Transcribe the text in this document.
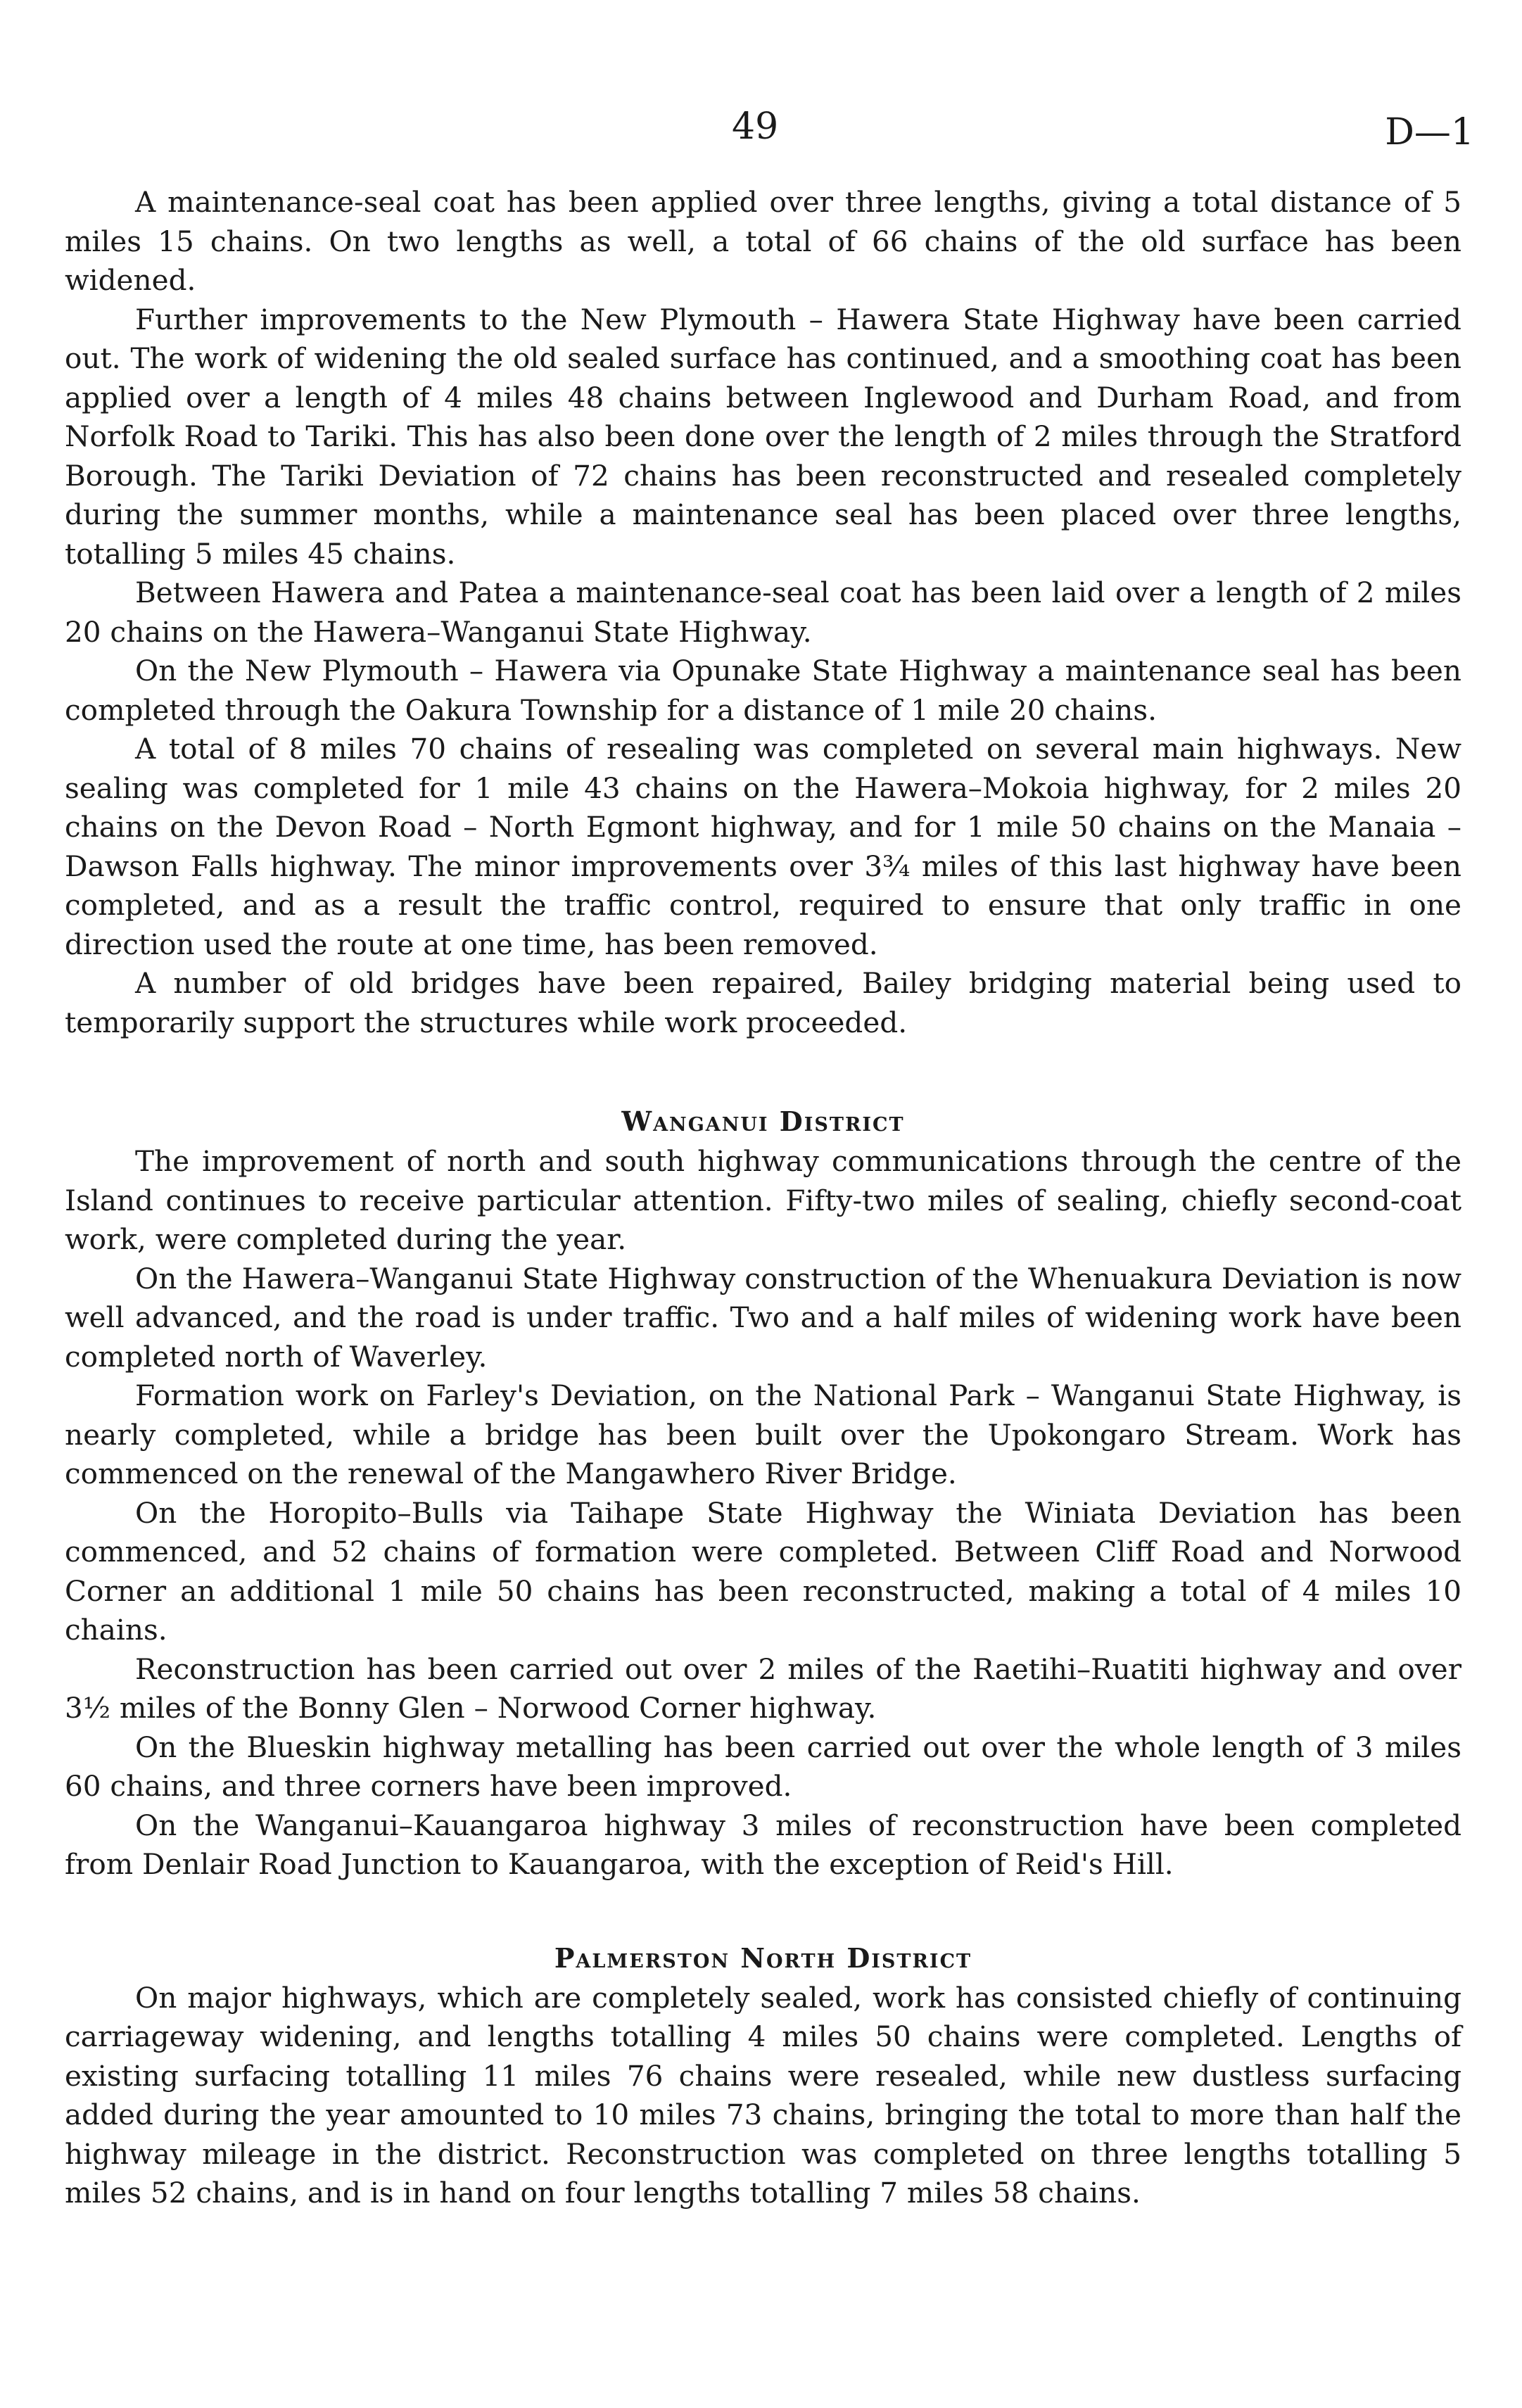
49	D—1

A maintenance-seal coat has been applied over three lengths, giving a total distance of 5 miles 15 chains. On two lengths as well, a total of 66 chains of the old surface has been widened.

Further improvements to the New Plymouth – Hawera State Highway have been carried out. The work of widening the old sealed surface has continued, and a smoothing coat has been applied over a length of 4 miles 48 chains between Inglewood and Durham Road, and from Norfolk Road to Tariki. This has also been done over the length of 2 miles through the Stratford Borough. The Tariki Deviation of 72 chains has been reconstructed and resealed completely during the summer months, while a maintenance seal has been placed over three lengths, totalling 5 miles 45 chains.

Between Hawera and Patea a maintenance-seal coat has been laid over a length of 2 miles 20 chains on the Hawera–Wanganui State Highway.

On the New Plymouth – Hawera via Opunake State Highway a maintenance seal has been completed through the Oakura Township for a distance of 1 mile 20 chains.

A total of 8 miles 70 chains of resealing was completed on several main highways. New sealing was completed for 1 mile 43 chains on the Hawera–Mokoia highway, for 2 miles 20 chains on the Devon Road – North Egmont highway, and for 1 mile 50 chains on the Manaia – Dawson Falls highway. The minor improvements over 3¾ miles of this last highway have been completed, and as a result the traffic control, required to ensure that only traffic in one direction used the route at one time, has been removed.

A number of old bridges have been repaired, Bailey bridging material being used to temporarily support the structures while work proceeded.

Wanganui District

The improvement of north and south highway communications through the centre of the Island continues to receive particular attention. Fifty-two miles of sealing, chiefly second-coat work, were completed during the year.

On the Hawera–Wanganui State Highway construction of the Whenuakura Deviation is now well advanced, and the road is under traffic. Two and a half miles of widening work have been completed north of Waverley.

Formation work on Farley's Deviation, on the National Park – Wanganui State Highway, is nearly completed, while a bridge has been built over the Upokongaro Stream. Work has commenced on the renewal of the Mangawhero River Bridge.

On the Horopito–Bulls via Taihape State Highway the Winiata Deviation has been commenced, and 52 chains of formation were completed. Between Cliff Road and Norwood Corner an additional 1 mile 50 chains has been reconstructed, making a total of 4 miles 10 chains.

Reconstruction has been carried out over 2 miles of the Raetihi–Ruatiti highway and over 3½ miles of the Bonny Glen – Norwood Corner highway.

On the Blueskin highway metalling has been carried out over the whole length of 3 miles 60 chains, and three corners have been improved.

On the Wanganui–Kauangaroa highway 3 miles of reconstruction have been completed from Denlair Road Junction to Kauangaroa, with the exception of Reid's Hill.

Palmerston North District

On major highways, which are completely sealed, work has consisted chiefly of continuing carriageway widening, and lengths totalling 4 miles 50 chains were completed. Lengths of existing surfacing totalling 11 miles 76 chains were resealed, while new dustless surfacing added during the year amounted to 10 miles 73 chains, bringing the total to more than half the highway mileage in the district. Reconstruction was completed on three lengths totalling 5 miles 52 chains, and is in hand on four lengths totalling 7 miles 58 chains.
